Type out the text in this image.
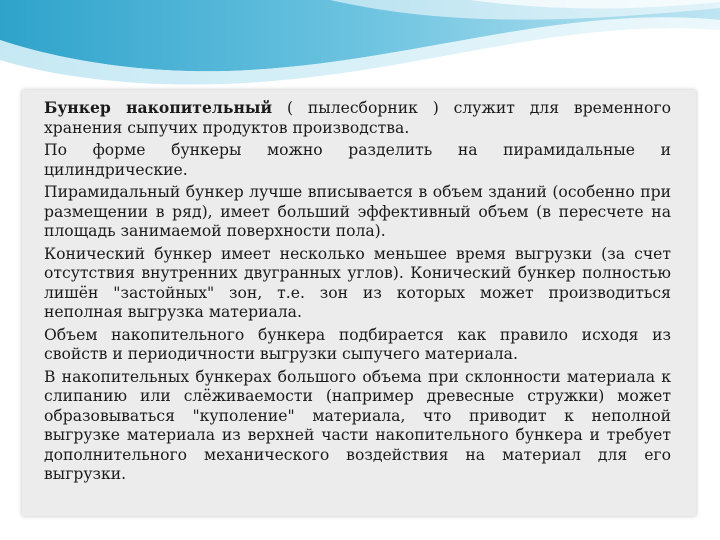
Бункер накопительный ( пылесборник ) служит для временного хранения сыпучих продуктов производства.

По форме бункеры можно разделить на пирамидальные и цилиндрические.

Пирамидальный бункер лучше вписывается в объем зданий (особенно при размещении в ряд), имеет больший эффективный объем (в пересчете на площадь занимаемой поверхности пола).

Конический бункер имеет несколько меньшее время выгрузки (за счет отсутствия внутренних двугранных углов). Конический бункер полностью лишён "застойных" зон, т.е. зон из которых может производиться неполная выгрузка материала.

Объем накопительного бункера подбирается как правило исходя из свойств и периодичности выгрузки сыпучего материала.

В накопительных бункерах большого объема при склонности материала к слипанию или слёживаемости (например древесные стружки) может образовываться "куполение" материала, что приводит к неполной выгрузке материала из верхней части накопительного бункера и требует дополнительного механического воздействия на материал для его выгрузки.
